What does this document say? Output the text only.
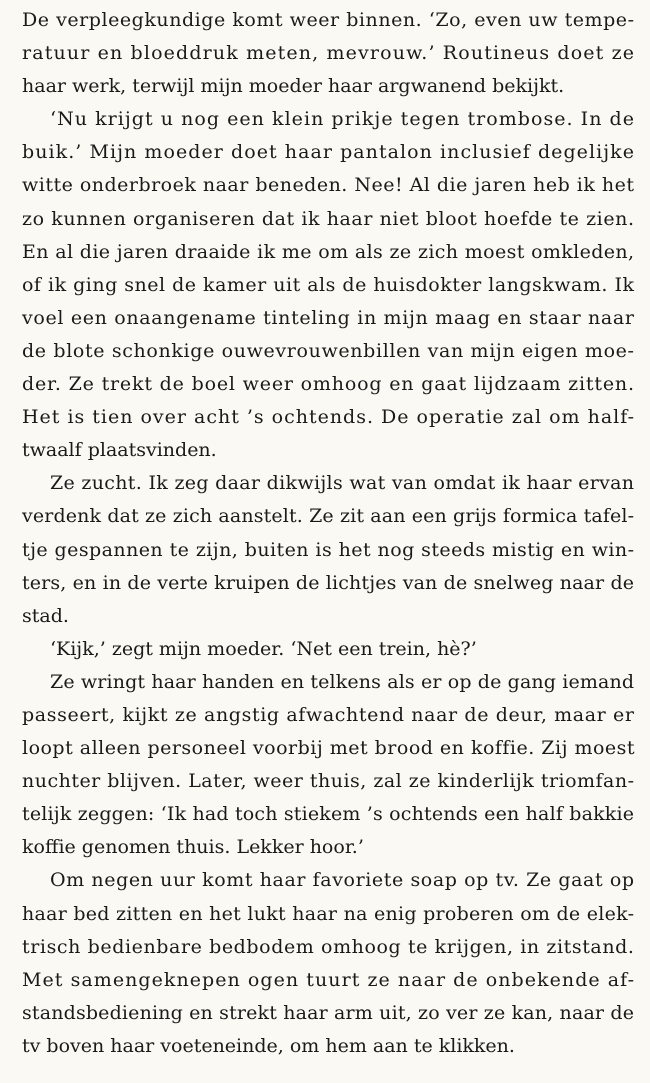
De verpleegkundige komt weer binnen. ‘Zo, even uw tempe-
ratuur en bloeddruk meten, mevrouw.’ Routineus doet ze
haar werk, terwijl mijn moeder haar argwanend bekijkt.
‘Nu krijgt u nog een klein prikje tegen trombose. In de
buik.’ Mijn moeder doet haar pantalon inclusief degelijke
witte onderbroek naar beneden. Nee! Al die jaren heb ik het
zo kunnen organiseren dat ik haar niet bloot hoefde te zien.
En al die jaren draaide ik me om als ze zich moest omkleden,
of ik ging snel de kamer uit als de huisdokter langskwam. Ik
voel een onaangename tinteling in mijn maag en staar naar
de blote schonkige ouwevrouwenbillen van mijn eigen moe-
der. Ze trekt de boel weer omhoog en gaat lijdzaam zitten.
Het is tien over acht ’s ochtends. De operatie zal om half-
twaalf plaatsvinden.
Ze zucht. Ik zeg daar dikwijls wat van omdat ik haar ervan
verdenk dat ze zich aanstelt. Ze zit aan een grijs formica tafel-
tje gespannen te zijn, buiten is het nog steeds mistig en win-
ters, en in de verte kruipen de lichtjes van de snelweg naar de
stad.
‘Kijk,’ zegt mijn moeder. ‘Net een trein, hè?’
Ze wringt haar handen en telkens als er op de gang iemand
passeert, kijkt ze angstig afwachtend naar de deur, maar er
loopt alleen personeel voorbij met brood en koffie. Zij moest
nuchter blijven. Later, weer thuis, zal ze kinderlijk triomfan-
telijk zeggen: ‘Ik had toch stiekem ’s ochtends een half bakkie
koffie genomen thuis. Lekker hoor.’
Om negen uur komt haar favoriete soap op tv. Ze gaat op
haar bed zitten en het lukt haar na enig proberen om de elek-
trisch bedienbare bedbodem omhoog te krijgen, in zitstand.
Met samengeknepen ogen tuurt ze naar de onbekende af-
standsbediening en strekt haar arm uit, zo ver ze kan, naar de
tv boven haar voeteneinde, om hem aan te klikken.
